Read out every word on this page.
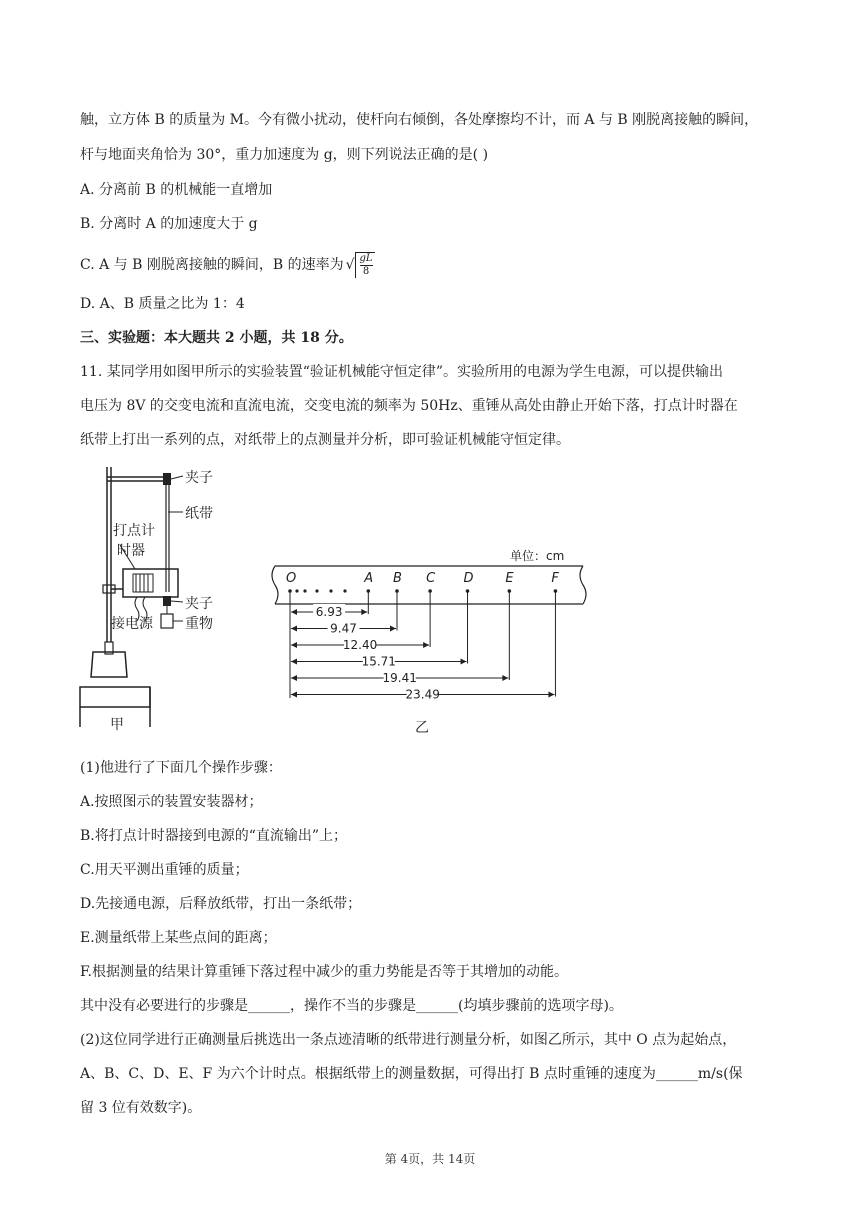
触，立方体 B 的质量为 M。今有微小扰动，使杆向右倾倒，各处摩擦均不计，而 A 与 B 刚脱离接触的瞬间，
杆与地面夹角恰为 30°，重力加速度为 g，则下列说法正确的是( )
A. 分离前 B 的机械能一直增加
B. 分离时 A 的加速度大于 g
C. A 与 B 刚脱离接触的瞬间，B 的速率为 √ $\frac{gL}{8}$
D. A、B 质量之比为 1：4
三、实验题：本大题共 2 小题，共 18 分。
11. 某同学用如图甲所示的实验装置“验证机械能守恒定律”。实验所用的电源为学生电源，可以提供输出
电压为 8V 的交变电流和直流电流，交变电流的频率为 50Hz、重锤从高处由静止开始下落，打点计时器在
纸带上打出一系列的点，对纸带上的点测量并分析，即可验证机械能守恒定律。
夹子
纸带
打点计
时器
夹子
接电源 重物
甲
单位：cm
O	A B C D E	F
6.93
9.47
12.40
15.71
19.41
23.49
乙
(1)他进行了下面几个操作步骤：
A.按照图示的装置安装器材；
B.将打点计时器接到电源的“直流输出”上；
C.用天平测出重锤的质量；
D.先接通电源，后释放纸带，打出一条纸带；
E.测量纸带上某些点间的距离；
F.根据测量的结果计算重锤下落过程中减少的重力势能是否等于其增加的动能。
其中没有必要进行的步骤是______，操作不当的步骤是______(均填步骤前的选项字母)。
(2)这位同学进行正确测量后挑选出一条点迹清晰的纸带进行测量分析，如图乙所示，其中 O 点为起始点，
A、B、C、D、E、F 为六个计时点。根据纸带上的测量数据，可得出打 B 点时重锤的速度为______m/s(保
留 3 位有效数字)。
第 4页，共 14页
